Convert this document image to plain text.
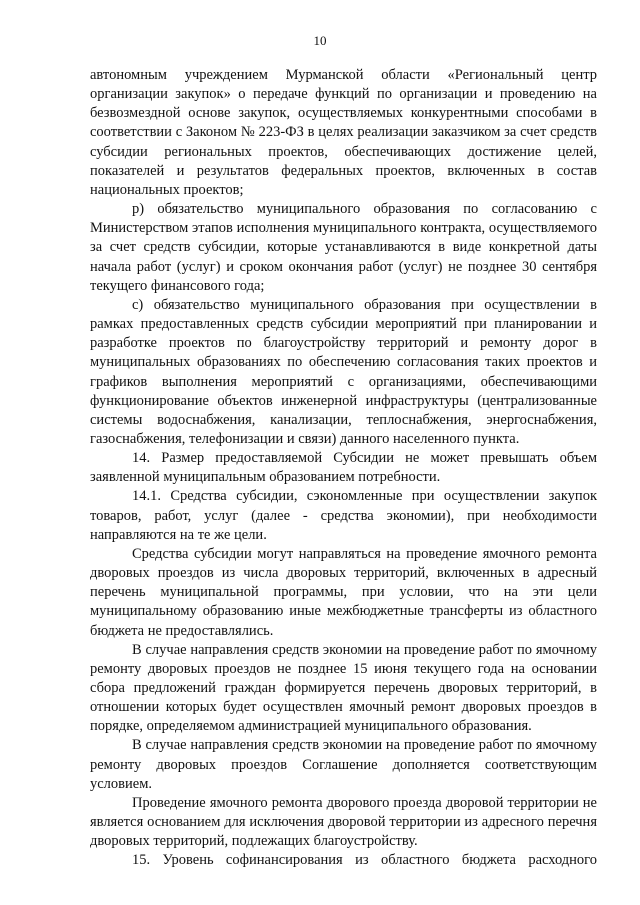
10

автономным учреждением Мурманской области «Региональный центр организации закупок» о передаче функций по организации и проведению на безвозмездной основе закупок, осуществляемых конкурентными способами в соответствии с Законом № 223-ФЗ в целях реализации заказчиком за счет средств субсидии региональных проектов, обеспечивающих достижение целей, показателей и результатов федеральных проектов, включенных в состав национальных проектов;

р) обязательство муниципального образования по согласованию с Министерством этапов исполнения муниципального контракта, осуществляемого за счет средств субсидии, которые устанавливаются в виде конкретной даты начала работ (услуг) и сроком окончания работ (услуг) не позднее 30 сентября текущего финансового года;

с) обязательство муниципального образования при осуществлении в рамках предоставленных средств субсидии мероприятий при планировании и разработке проектов по благоустройству территорий и ремонту дорог в муниципальных образованиях по обеспечению согласования таких проектов и графиков выполнения мероприятий с организациями, обеспечивающими функционирование объектов инженерной инфраструктуры (централизованные системы водоснабжения, канализации, теплоснабжения, энергоснабжения, газоснабжения, телефонизации и связи) данного населенного пункта.

14. Размер предоставляемой Субсидии не может превышать объем заявленной муниципальным образованием потребности.

14.1. Средства субсидии, сэкономленные при осуществлении закупок товаров, работ, услуг (далее - средства экономии), при необходимости направляются на те же цели.

Средства субсидии могут направляться на проведение ямочного ремонта дворовых проездов из числа дворовых территорий, включенных в адресный перечень муниципальной программы, при условии, что на эти цели муниципальному образованию иные межбюджетные трансферты из областного бюджета не предоставлялись.

В случае направления средств экономии на проведение работ по ямочному ремонту дворовых проездов не позднее 15 июня текущего года на основании сбора предложений граждан формируется перечень дворовых территорий, в отношении которых будет осуществлен ямочный ремонт дворовых проездов в порядке, определяемом администрацией муниципального образования.

В случае направления средств экономии на проведение работ по ямочному ремонту дворовых проездов Соглашение дополняется соответствующим условием.

Проведение ямочного ремонта дворового проезда дворовой территории не является основанием для исключения дворовой территории из адресного перечня дворовых территорий, подлежащих благоустройству.

15. Уровень софинансирования из областного бюджета расходного
